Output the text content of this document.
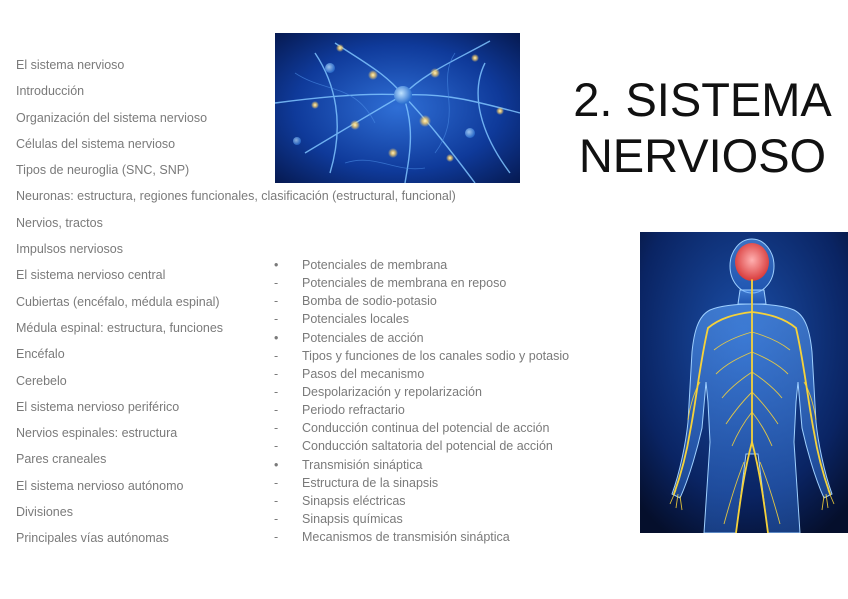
El sistema nervioso
Introducción
Organización del sistema nervioso
Células del sistema nervioso
Tipos de neuroglia (SNC, SNP)
Neuronas: estructura, regiones funcionales, clasificación (estructural, funcional)
Nervios, tractos
Impulsos nerviosos
El sistema nervioso central
Cubiertas (encéfalo, médula espinal)
Médula espinal: estructura, funciones
Encéfalo
Cerebelo
El sistema nervioso periférico
Nervios espinales: estructura
Pares craneales
El sistema nervioso autónomo
Divisiones
Principales vías autónomas
2. SISTEMA
NERVIOSO
•	Potenciales de membrana
-	Potenciales de membrana en reposo
-	Bomba de sodio-potasio
-	Potenciales locales
•	Potenciales de acción
-	Tipos y funciones de los canales sodio y potasio
-	Pasos del mecanismo
-	Despolarización y repolarización
-	Periodo refractario
-	Conducción continua del potencial de acción
-	Conducción saltatoria del potencial de acción
•	Transmisión sináptica
-	Estructura de la sinapsis
-	Sinapsis eléctricas
-	Sinapsis químicas
-	Mecanismos de transmisión sináptica
